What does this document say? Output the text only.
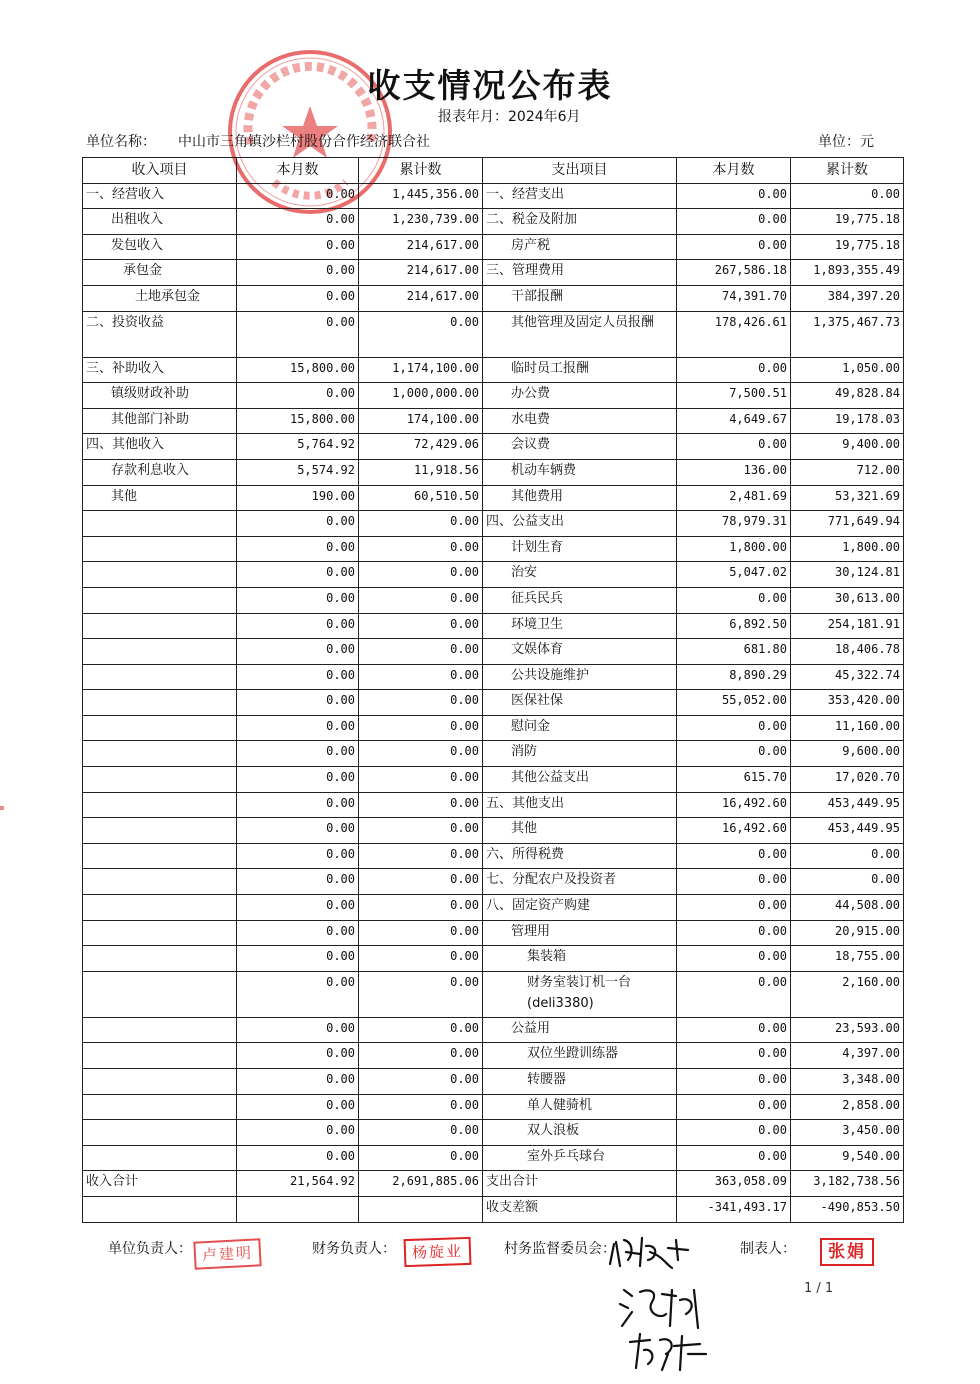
收支情况公布表
报表年月：2024年6月
单位名称： 中山市三角镇沙栏村股份合作经济联合社	单位：元
收入项目	本月数	累计数	支出项目	本月数	累计数
一、经营收入	0.00	1,445,356.00	一、经营支出	0.00	0.00
出租收入	0.00	1,230,739.00	二、税金及附加	0.00	19,775.18
发包收入	0.00	214,617.00	房产税	0.00	19,775.18
承包金	0.00	214,617.00	三、管理费用	267,586.18	1,893,355.49
土地承包金	0.00	214,617.00	干部报酬	74,391.70	384,397.20
二、投资收益	0.00	0.00	其他管理及固定人员报酬	178,426.61	1,375,467.73
三、补助收入	15,800.00	1,174,100.00	临时员工报酬	0.00	1,050.00
镇级财政补助	0.00	1,000,000.00	办公费	7,500.51	49,828.84
其他部门补助	15,800.00	174,100.00	水电费	4,649.67	19,178.03
四、其他收入	5,764.92	72,429.06	会议费	0.00	9,400.00
存款利息收入	5,574.92	11,918.56	机动车辆费	136.00	712.00
其他	190.00	60,510.50	其他费用	2,481.69	53,321.69
	0.00	0.00	四、公益支出	78,979.31	771,649.94
	0.00	0.00	计划生育	1,800.00	1,800.00
	0.00	0.00	治安	5,047.02	30,124.81
	0.00	0.00	征兵民兵	0.00	30,613.00
	0.00	0.00	环境卫生	6,892.50	254,181.91
	0.00	0.00	文娱体育	681.80	18,406.78
	0.00	0.00	公共设施维护	8,890.29	45,322.74
	0.00	0.00	医保社保	55,052.00	353,420.00
	0.00	0.00	慰问金	0.00	11,160.00
	0.00	0.00	消防	0.00	9,600.00
	0.00	0.00	其他公益支出	615.70	17,020.70
	0.00	0.00	五、其他支出	16,492.60	453,449.95
	0.00	0.00	其他	16,492.60	453,449.95
	0.00	0.00	六、所得税费	0.00	0.00
	0.00	0.00	七、分配农户及投资者	0.00	0.00
	0.00	0.00	八、固定资产购建	0.00	44,508.00
	0.00	0.00	管理用	0.00	20,915.00
	0.00	0.00	集装箱	0.00	18,755.00
	0.00	0.00	财务室装订机一台(deli3380)	0.00	2,160.00
	0.00	0.00	公益用	0.00	23,593.00
	0.00	0.00	双位坐蹬训练器	0.00	4,397.00
	0.00	0.00	转腰器	0.00	3,348.00
	0.00	0.00	单人健骑机	0.00	2,858.00
	0.00	0.00	双人浪板	0.00	3,450.00
	0.00	0.00	室外乒乓球台	0.00	9,540.00
收入合计	21,564.92	2,691,885.06	支出合计	363,058.09	3,182,738.56
			收支差额	-341,493.17	-490,853.50
单位负责人： 卢建明	财务负责人：	杨旋业	村务监督委员会：	制表人：	张娟
1 / 1
